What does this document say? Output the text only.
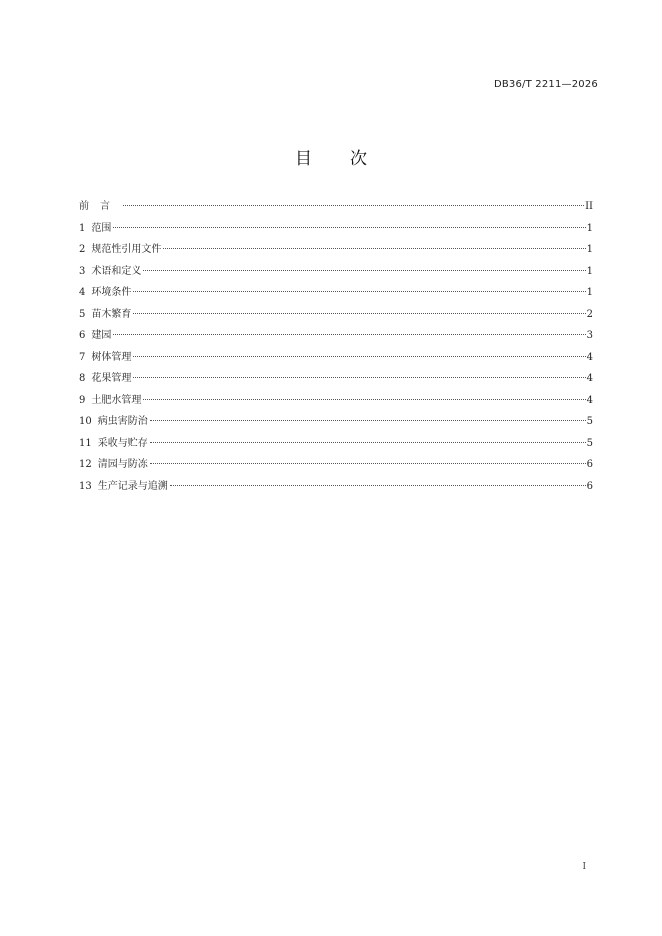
DB36/T 2211—2026
目 次
前言	II
1 范围	1
2 规范性引用文件	1
3 术语和定义	1
4 环境条件	1
5 苗木繁育	2
6 建园	3
7 树体管理	4
8 花果管理	4
9 土肥水管理	4
10 病虫害防治	5
11 采收与贮存	5
12 清园与防冻	6
13 生产记录与追溯	6
I
